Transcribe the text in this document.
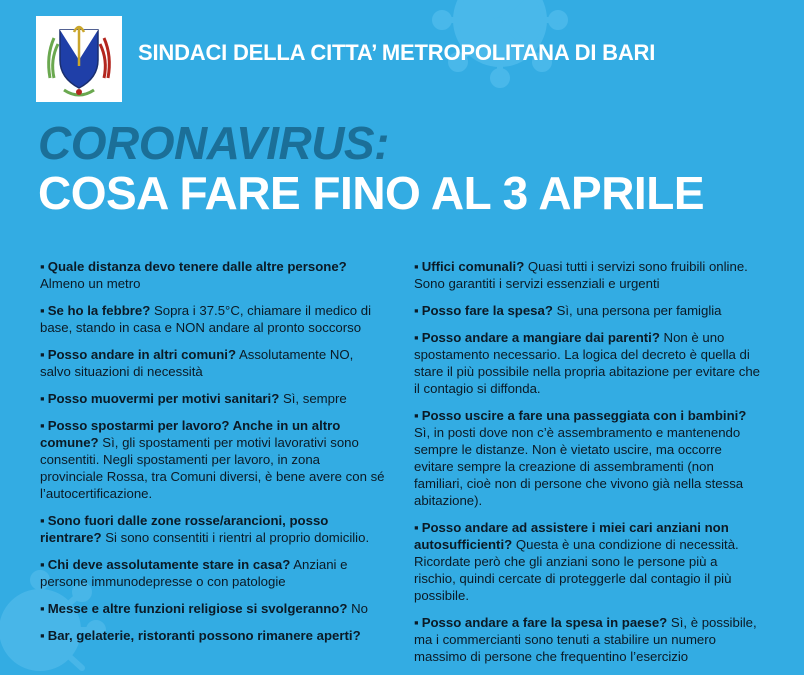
SINDACI DELLA CITTA’ METROPOLITANA DI BARI
CORONAVIRUS:
COSA FARE FINO AL 3 APRILE
▪ Quale distanza devo tenere dalle altre persone? Almeno un metro
▪ Se ho la febbre? Sopra i 37.5°C, chiamare il medico di base, stando in casa e NON andare al pronto soccorso
▪ Posso andare in altri comuni? Assolutamente NO, salvo situazioni di necessità
▪ Posso muovermi per motivi sanitari? Sì, sempre
▪ Posso spostarmi per lavoro? Anche in un altro comune? Sì, gli spostamenti per motivi lavorativi sono consentiti. Negli spostamenti per lavoro, in zona provinciale Rossa, tra Comuni diversi, è bene avere con sé l’autocertificazione.
▪ Sono fuori dalle zone rosse/arancioni, posso rientrare? Si sono consentiti i rientri al proprio domicilio.
▪ Chi deve assolutamente stare in casa? Anziani e persone immunodepresse o con patologie
▪ Messe e altre funzioni religiose si svolgeranno? No
▪ Bar, gelaterie, ristoranti possono rimanere aperti?
▪ Uffici comunali? Quasi tutti i servizi sono fruibili online. Sono garantiti i servizi essenziali e urgenti
▪ Posso fare la spesa? Sì, una persona per famiglia
▪ Posso andare a mangiare dai parenti? Non è uno spostamento necessario. La logica del decreto è quella di stare il più possibile nella propria abitazione per evitare che il contagio si diffonda.
▪ Posso uscire a fare una passeggiata con i bambini? Sì, in posti dove non c’è assembramento e mantenendo sempre le distanze. Non è vietato uscire, ma occorre evitare sempre la creazione di assembramenti (non familiari, cioè non di persone che vivono già nella stessa abitazione).
▪ Posso andare ad assistere i miei cari anziani non autosufficienti? Questa è una condizione di necessità. Ricordate però che gli anziani sono le persone più a rischio, quindi cercate di proteggerle dal contagio il più possibile.
▪ Posso andare a fare la spesa in paese? Sì, è possibile, ma i commercianti sono tenuti a stabilire un numero massimo di persone che frequentino l’esercizio
